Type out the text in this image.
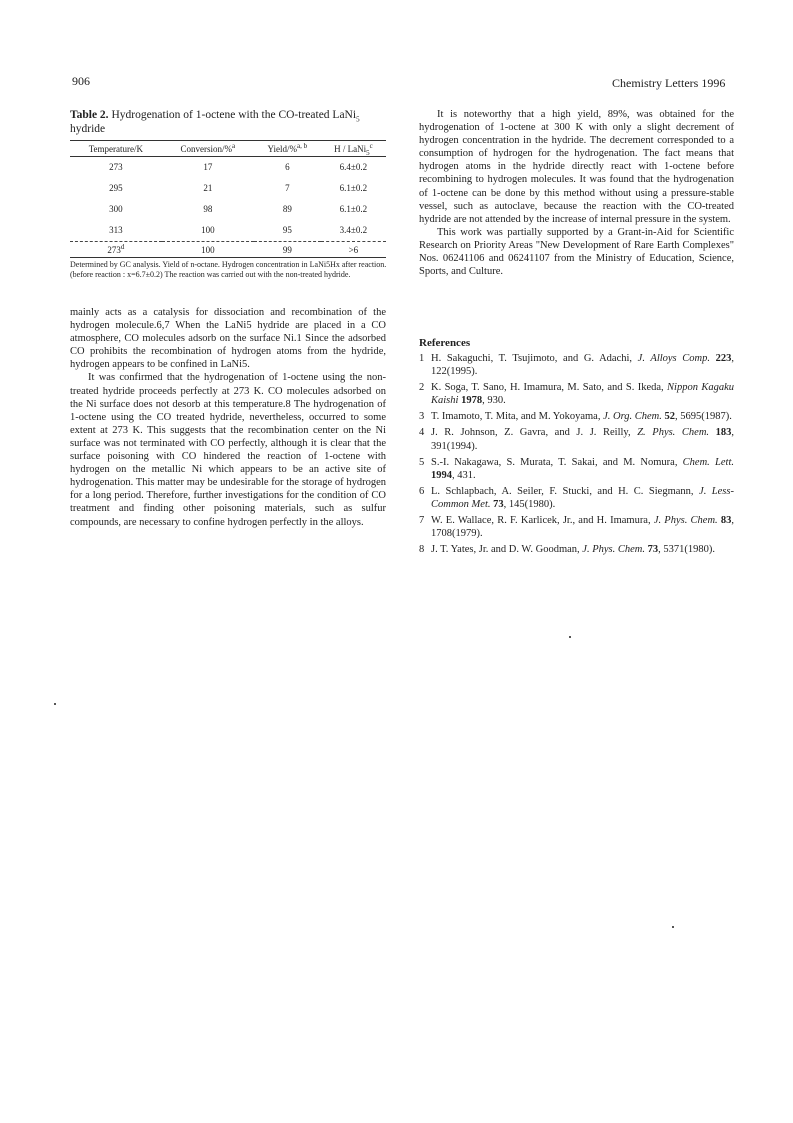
906	Chemistry Letters 1996

Table 2. Hydrogenation of 1-octene with the CO-treated LaNi$_5$
hydride

Temperature/K	Conversion/%$^a$	Yield/%$^{a, b}$	H / LaNi$_5^c$
273	17	6	6.4±0.2
295	21	7	6.1±0.2
300	98	89	6.1±0.2
313	100	95	3.4±0.2
273$^d$	100	99	>6
Determined by GC analysis. Yield of n-octane. Hydrogen concentration in LaNi5Hx after reaction. (before reaction : x=6.7±0.2) The reaction was carried out with the non-treated hydride.

mainly acts as a catalysis for dissociation and recombination of the hydrogen molecule.6,7 When the LaNi5 hydride are placed in a CO atmosphere, CO molecules adsorb on the surface Ni.1 Since the adsorbed CO prohibits the recombination of hydrogen atoms from the hydride, hydrogen appears to be confined in LaNi5.

It was confirmed that the hydrogenation of 1-octene using the non-treated hydride proceeds perfectly at 273 K. CO molecules adsorbed on the Ni surface does not desorb at this temperature.8 The hydrogenation of 1-octene using the CO treated hydride, nevertheless, occurred to some extent at 273 K. This suggests that the recombination center on the Ni surface was not terminated with CO perfectly, although it is clear that the surface poisoning with CO hindered the reaction of 1-octene with hydrogen on the metallic Ni which appears to be an active site of hydrogenation. This matter may be undesirable for the storage of hydrogen for a long period. Therefore, further investigations for the condition of CO treatment and finding other poisoning materials, such as sulfur compounds, are necessary to confine hydrogen perfectly in the alloys.

It is noteworthy that a high yield, 89%, was obtained for the hydrogenation of 1-octene at 300 K with only a slight decrement of hydrogen concentration in the hydride. The decrement corresponded to a consumption of hydrogen for the hydrogenation. The fact means that hydrogen atoms in the hydride directly react with 1-octene before recombining to hydrogen molecules. It was found that the hydrogenation of 1-octene can be done by this method without using a pressure-stable vessel, such as autoclave, because the reaction with the CO-treated hydride are not attended by the increase of internal pressure in the system.

This work was partially supported by a Grant-in-Aid for Scientific Research on Priority Areas "New Development of Rare Earth Complexes" Nos. 06241106 and 06241107 from the Ministry of Education, Science, Sports, and Culture.

References
1 H. Sakaguchi, T. Tsujimoto, and G. Adachi, J. Alloys Comp. 223, 122(1995).
2 K. Soga, T. Sano, H. Imamura, M. Sato, and S. Ikeda, Nippon Kagaku Kaishi 1978, 930.
3 T. Imamoto, T. Mita, and M. Yokoyama, J. Org. Chem. 52, 5695(1987).
4 J. R. Johnson, Z. Gavra, and J. J. Reilly, Z. Phys. Chem. 183, 391(1994).
5 S.-I. Nakagawa, S. Murata, T. Sakai, and M. Nomura, Chem. Lett. 1994, 431.
6 L. Schlapbach, A. Seiler, F. Stucki, and H. C. Siegmann, J. Less-Common Met. 73, 145(1980).
7 W. E. Wallace, R. F. Karlicek, Jr., and H. Imamura, J. Phys. Chem. 83, 1708(1979).
8 J. T. Yates, Jr. and D. W. Goodman, J. Phys. Chem. 73, 5371(1980).
